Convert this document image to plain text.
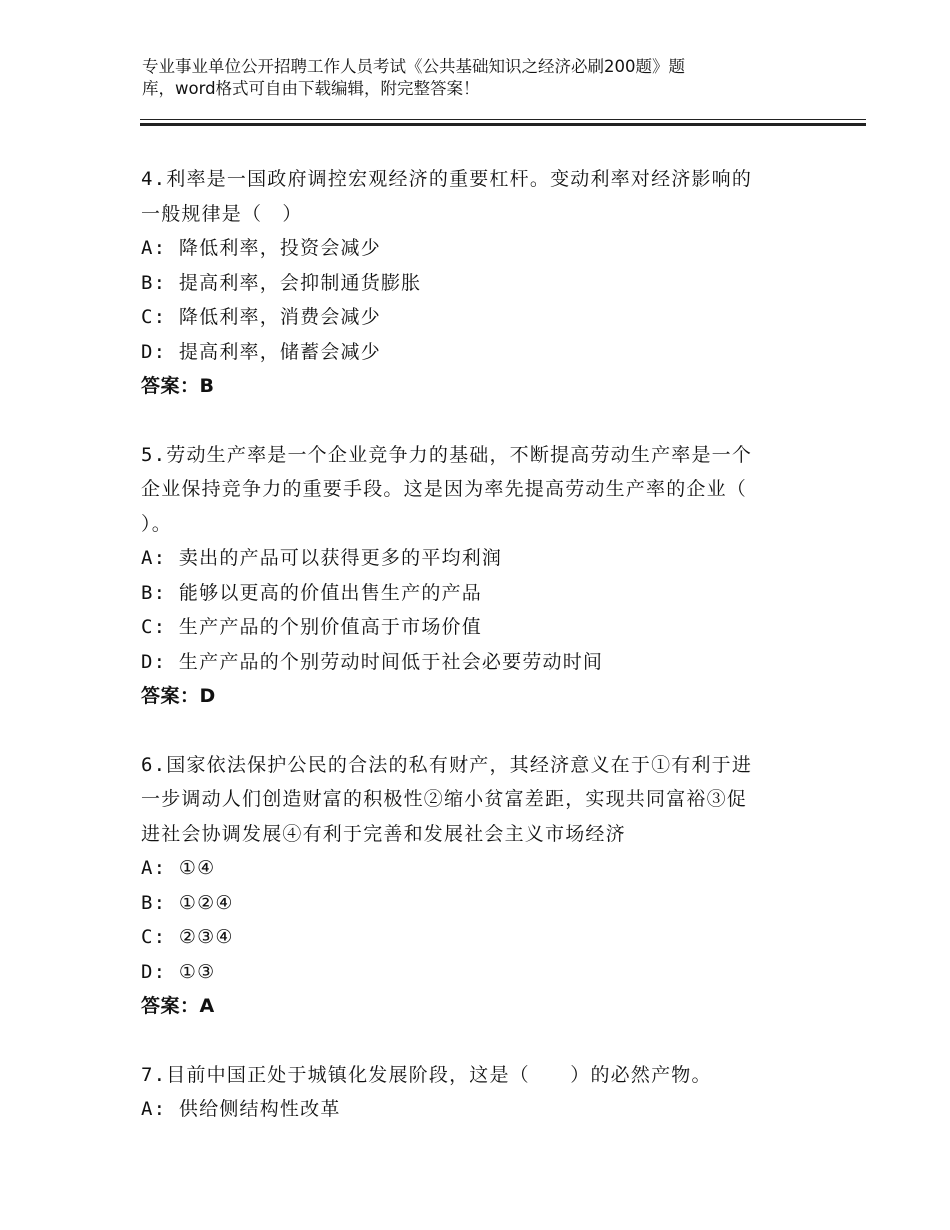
专业事业单位公开招聘工作人员考试《公共基础知识之经济必刷200题》题
库，word格式可自由下载编辑，附完整答案！
4.利率是一国政府调控宏观经济的重要杠杆。变动利率对经济影响的
一般规律是（　）
A: 降低利率，投资会减少
B: 提高利率，会抑制通货膨胀
C: 降低利率，消费会减少
D: 提高利率，储蓄会减少
答案：B
5.劳动生产率是一个企业竞争力的基础，不断提高劳动生产率是一个
企业保持竞争力的重要手段。这是因为率先提高劳动生产率的企业（
）。
A: 卖出的产品可以获得更多的平均利润
B: 能够以更高的价值出售生产的产品
C: 生产产品的个别价值高于市场价值
D: 生产产品的个别劳动时间低于社会必要劳动时间
答案：D
6.国家依法保护公民的合法的私有财产，其经济意义在于①有利于进
一步调动人们创造财富的积极性②缩小贫富差距，实现共同富裕③促
进社会协调发展④有利于完善和发展社会主义市场经济
A: ①④
B: ①②④
C: ②③④
D: ①③
答案：A
7.目前中国正处于城镇化发展阶段，这是（　　）的必然产物。
A: 供给侧结构性改革
